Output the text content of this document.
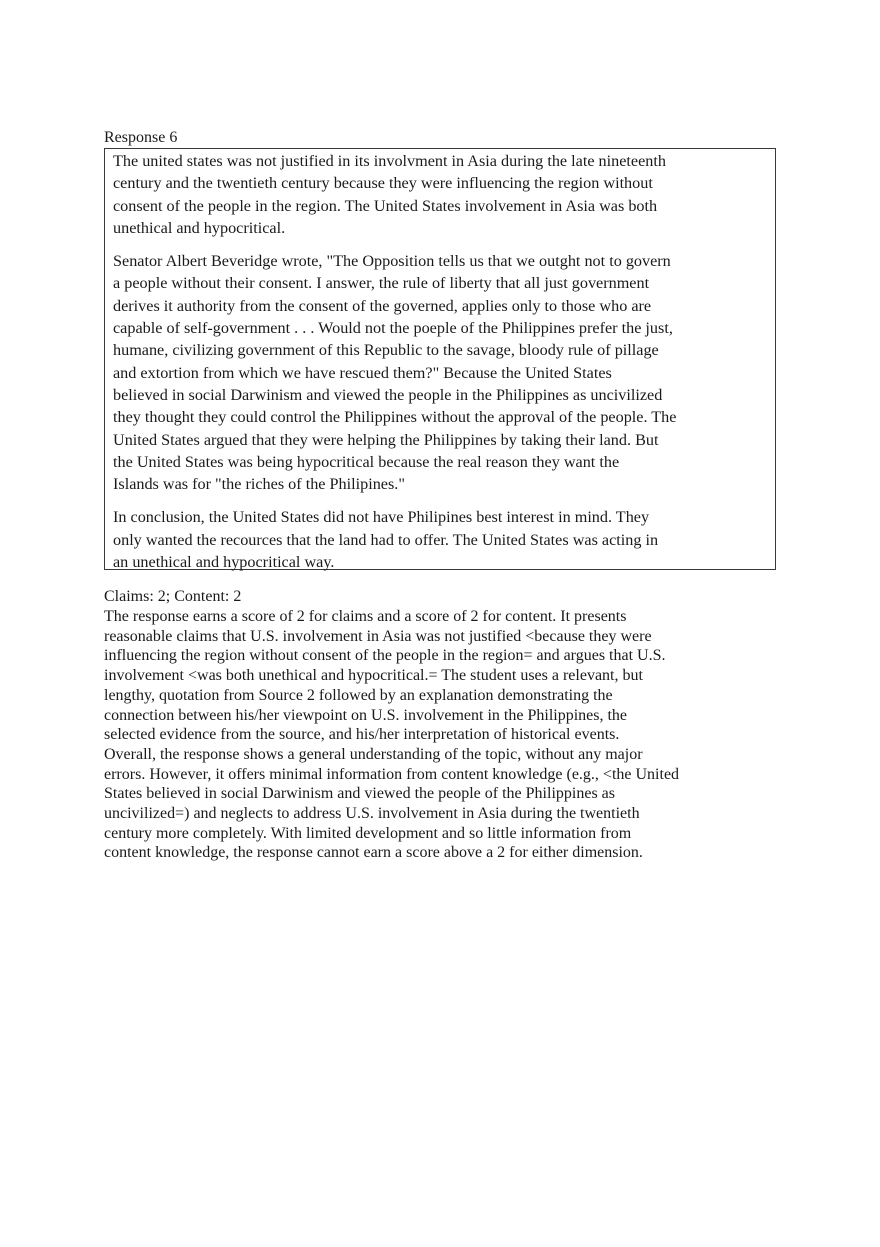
Response 6

The united states was not justified in its involvment in Asia during the late nineteenth
century and the twentieth century because they were influencing the region without
consent of the people in the region. The United States involvement in Asia was both
unethical and hypocritical.

Senator Albert Beveridge wrote, "The Opposition tells us that we outght not to govern
a people without their consent. I answer, the rule of liberty that all just government
derives it authority from the consent of the governed, applies only to those who are
capable of self-government . . . Would not the poeple of the Philippines prefer the just,
humane, civilizing government of this Republic to the savage, bloody rule of pillage
and extortion from which we have rescued them?" Because the United States
believed in social Darwinism and viewed the people in the Philippines as uncivilized
they thought they could control the Philippines without the approval of the people. The
United States argued that they were helping the Philippines by taking their land. But
the United States was being hypocritical because the real reason they want the
Islands was for "the riches of the Philipines."

In conclusion, the United States did not have Philipines best interest in mind. They
only wanted the recources that the land had to offer. The United States was acting in
an unethical and hypocritical way.

Claims: 2; Content: 2

The response earns a score of 2 for claims and a score of 2 for content. It presents
reasonable claims that U.S. involvement in Asia was not justified <because they were
influencing the region without consent of the people in the region= and argues that U.S.
involvement <was both unethical and hypocritical.= The student uses a relevant, but
lengthy, quotation from Source 2 followed by an explanation demonstrating the
connection between his/her viewpoint on U.S. involvement in the Philippines, the
selected evidence from the source, and his/her interpretation of historical events.
Overall, the response shows a general understanding of the topic, without any major
errors. However, it offers minimal information from content knowledge (e.g., <the United
States believed in social Darwinism and viewed the people of the Philippines as
uncivilized=) and neglects to address U.S. involvement in Asia during the twentieth
century more completely. With limited development and so little information from
content knowledge, the response cannot earn a score above a 2 for either dimension.
